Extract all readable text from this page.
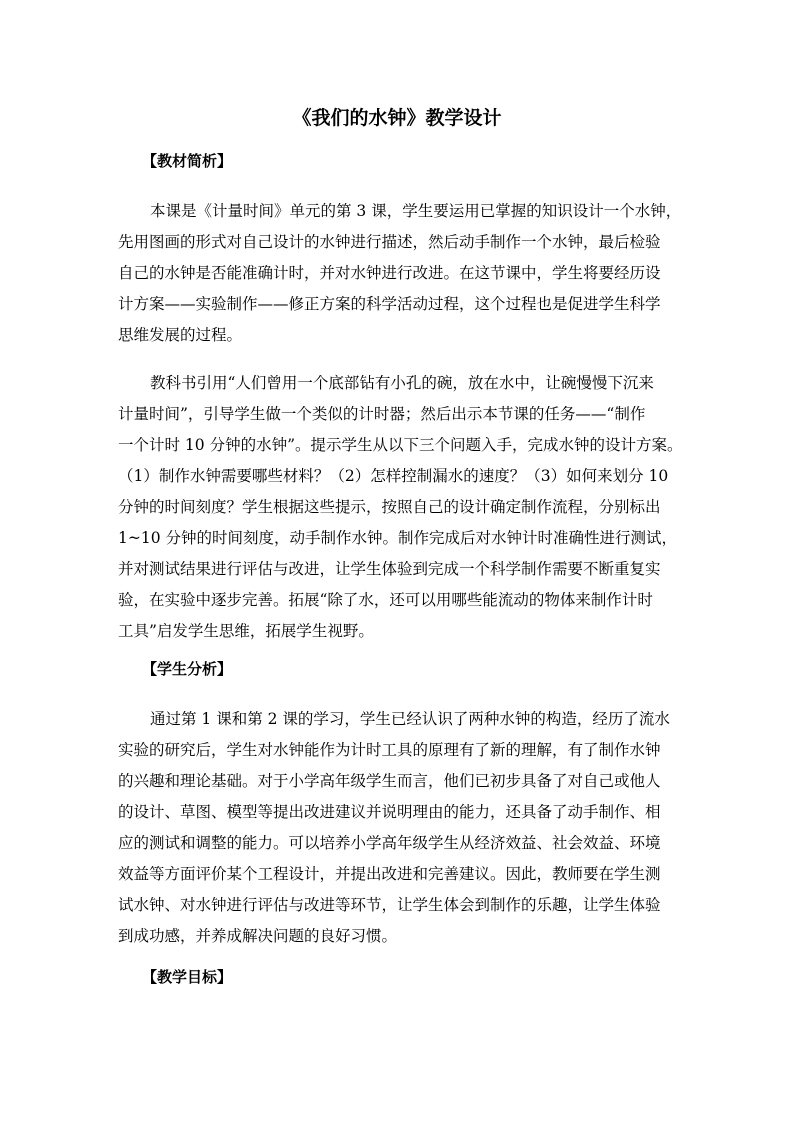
《我们的水钟》教学设计
【教材简析】
本课是《计量时间》单元的第 3 课，学生要运用已掌握的知识设计一个水钟，
先用图画的形式对自己设计的水钟进行描述，然后动手制作一个水钟，最后检验
自己的水钟是否能准确计时，并对水钟进行改进。在这节课中，学生将要经历设
计方案——实验制作——修正方案的科学活动过程，这个过程也是促进学生科学
思维发展的过程。
教科书引用“人们曾用一个底部钻有小孔的碗，放在水中，让碗慢慢下沉来
计量时间”，引导学生做一个类似的计时器；然后出示本节课的任务——“制作
一个计时 10 分钟的水钟”。提示学生从以下三个问题入手，完成水钟的设计方案。
（1）制作水钟需要哪些材料？（2）怎样控制漏水的速度？（3）如何来划分 10
分钟的时间刻度？学生根据这些提示，按照自己的设计确定制作流程，分别标出
1~10 分钟的时间刻度，动手制作水钟。制作完成后对水钟计时准确性进行测试，
并对测试结果进行评估与改进，让学生体验到完成一个科学制作需要不断重复实
验，在实验中逐步完善。拓展“除了水，还可以用哪些能流动的物体来制作计时
工具”启发学生思维，拓展学生视野。
【学生分析】
通过第 1 课和第 2 课的学习，学生已经认识了两种水钟的构造，经历了流水
实验的研究后，学生对水钟能作为计时工具的原理有了新的理解，有了制作水钟
的兴趣和理论基础。对于小学高年级学生而言，他们已初步具备了对自己或他人
的设计、草图、模型等提出改进建议并说明理由的能力，还具备了动手制作、相
应的测试和调整的能力。可以培养小学高年级学生从经济效益、社会效益、环境
效益等方面评价某个工程设计，并提出改进和完善建议。因此，教师要在学生测
试水钟、对水钟进行评估与改进等环节，让学生体会到制作的乐趣，让学生体验
到成功感，并养成解决问题的良好习惯。
【教学目标】
